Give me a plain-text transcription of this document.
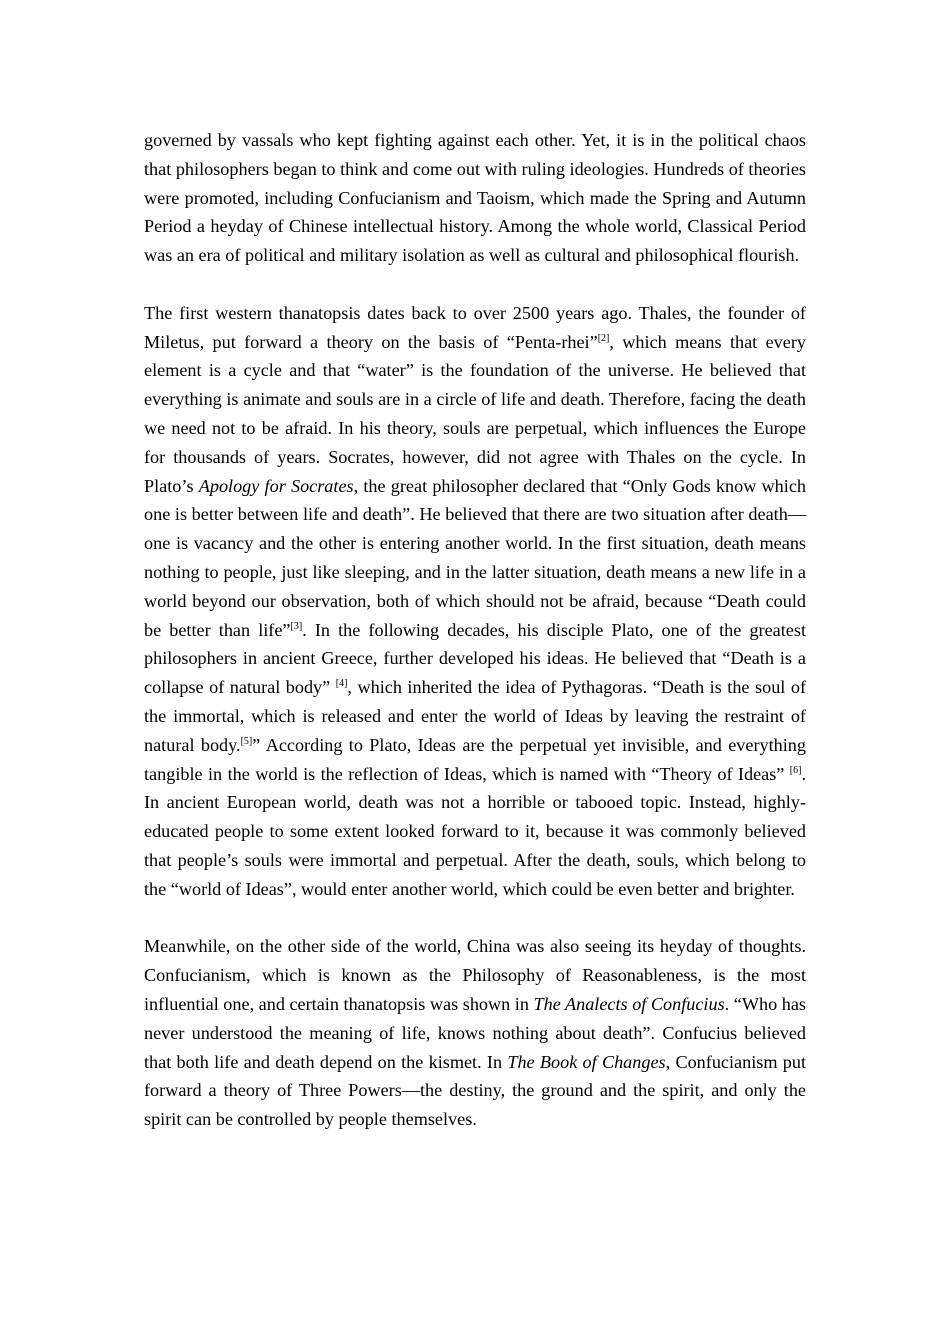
governed by vassals who kept fighting against each other. Yet, it is in the political chaos that philosophers began to think and come out with ruling ideologies. Hundreds of theories were promoted, including Confucianism and Taoism, which made the Spring and Autumn Period a heyday of Chinese intellectual history. Among the whole world, Classical Period was an era of political and military isolation as well as cultural and philosophical flourish.

The first western thanatopsis dates back to over 2500 years ago. Thales, the founder of Miletus, put forward a theory on the basis of “Penta-rhei”[2], which means that every element is a cycle and that “water” is the foundation of the universe. He believed that everything is animate and souls are in a circle of life and death. Therefore, facing the death we need not to be afraid. In his theory, souls are perpetual, which influences the Europe for thousands of years. Socrates, however, did not agree with Thales on the cycle. In Plato’s Apology for Socrates, the great philosopher declared that “Only Gods know which one is better between life and death”. He believed that there are two situation after death—one is vacancy and the other is entering another world. In the first situation, death means nothing to people, just like sleeping, and in the latter situation, death means a new life in a world beyond our observation, both of which should not be afraid, because “Death could be better than life”[3]. In the following decades, his disciple Plato, one of the greatest philosophers in ancient Greece, further developed his ideas. He believed that “Death is a collapse of natural body” [4], which inherited the idea of Pythagoras. “Death is the soul of the immortal, which is released and enter the world of Ideas by leaving the restraint of natural body.[5]” According to Plato, Ideas are the perpetual yet invisible, and everything tangible in the world is the reflection of Ideas, which is named with “Theory of Ideas” [6]. In ancient European world, death was not a horrible or tabooed topic. Instead, highly-educated people to some extent looked forward to it, because it was commonly believed that people’s souls were immortal and perpetual. After the death, souls, which belong to the “world of Ideas”, would enter another world, which could be even better and brighter.

Meanwhile, on the other side of the world, China was also seeing its heyday of thoughts. Confucianism, which is known as the Philosophy of Reasonableness, is the most influential one, and certain thanatopsis was shown in The Analects of Confucius. “Who has never understood the meaning of life, knows nothing about death”. Confucius believed that both life and death depend on the kismet. In The Book of Changes, Confucianism put forward a theory of Three Powers—the destiny, the ground and the spirit, and only the spirit can be controlled by people themselves.
